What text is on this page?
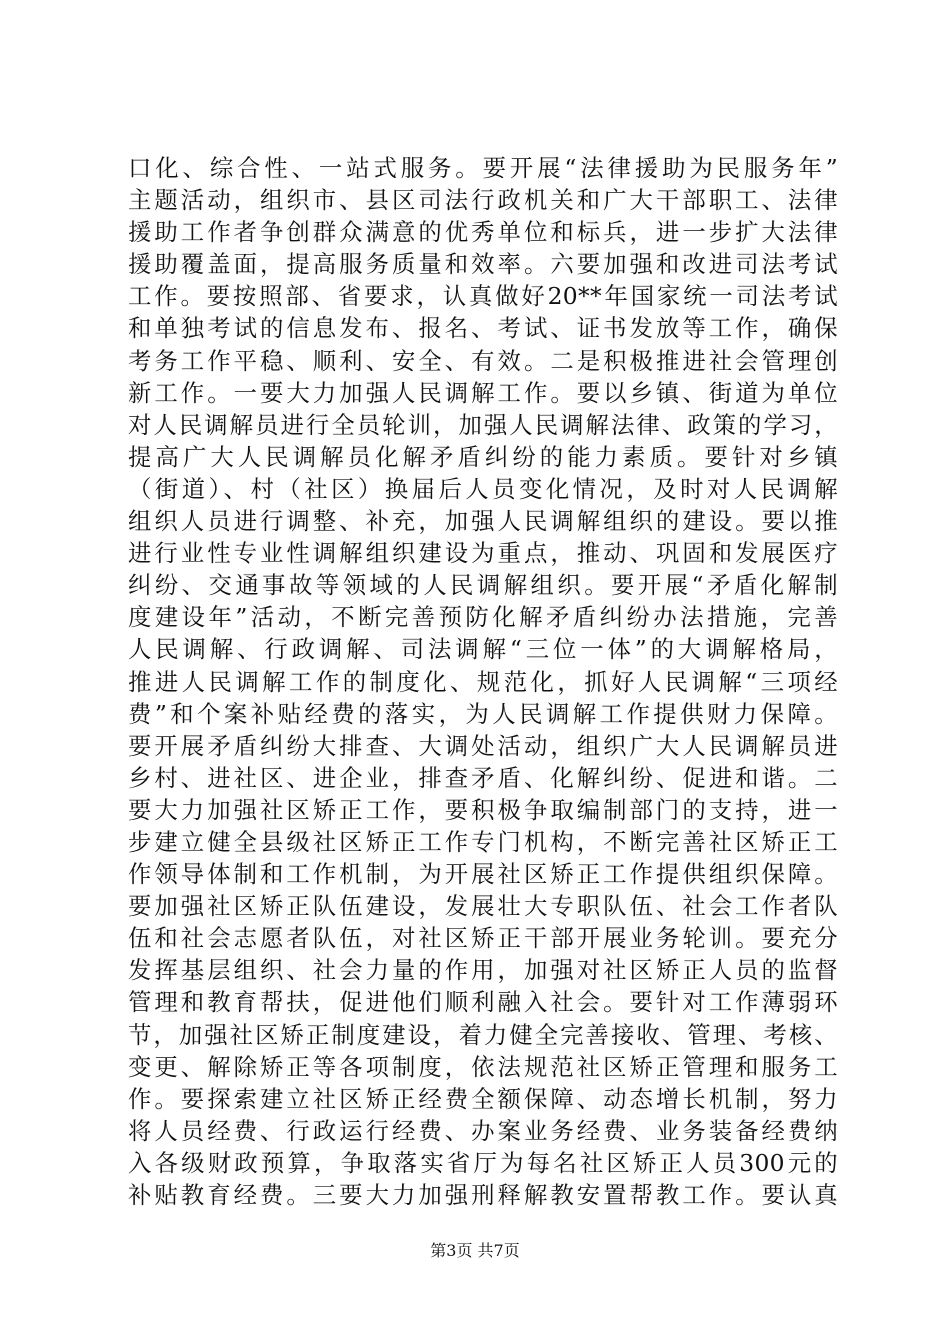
口化、综合性、一站式服务。要开展“法律援助为民服务年”
主题活动，组织市、县区司法行政机关和广大干部职工、法律
援助工作者争创群众满意的优秀单位和标兵，进一步扩大法律
援助覆盖面，提高服务质量和效率。六要加强和改进司法考试
工作。要按照部、省要求，认真做好20**年国家统一司法考试
和单独考试的信息发布、报名、考试、证书发放等工作，确保
考务工作平稳、顺利、安全、有效。二是积极推进社会管理创
新工作。一要大力加强人民调解工作。要以乡镇、街道为单位
对人民调解员进行全员轮训，加强人民调解法律、政策的学习，
提高广大人民调解员化解矛盾纠纷的能力素质。要针对乡镇
（街道）、村（社区）换届后人员变化情况，及时对人民调解
组织人员进行调整、补充，加强人民调解组织的建设。要以推
进行业性专业性调解组织建设为重点，推动、巩固和发展医疗
纠纷、交通事故等领域的人民调解组织。要开展“矛盾化解制
度建设年”活动，不断完善预防化解矛盾纠纷办法措施，完善
人民调解、行政调解、司法调解“三位一体”的大调解格局，
推进人民调解工作的制度化、规范化，抓好人民调解“三项经
费”和个案补贴经费的落实，为人民调解工作提供财力保障。
要开展矛盾纠纷大排查、大调处活动，组织广大人民调解员进
乡村、进社区、进企业，排查矛盾、化解纠纷、促进和谐。二
要大力加强社区矫正工作，要积极争取编制部门的支持，进一
步建立健全县级社区矫正工作专门机构，不断完善社区矫正工
作领导体制和工作机制，为开展社区矫正工作提供组织保障。
要加强社区矫正队伍建设，发展壮大专职队伍、社会工作者队
伍和社会志愿者队伍，对社区矫正干部开展业务轮训。要充分
发挥基层组织、社会力量的作用，加强对社区矫正人员的监督
管理和教育帮扶，促进他们顺利融入社会。要针对工作薄弱环
节，加强社区矫正制度建设，着力健全完善接收、管理、考核、
变更、解除矫正等各项制度，依法规范社区矫正管理和服务工
作。要探索建立社区矫正经费全额保障、动态增长机制，努力
将人员经费、行政运行经费、办案业务经费、业务装备经费纳
入各级财政预算，争取落实省厅为每名社区矫正人员300元的
补贴教育经费。三要大力加强刑释解教安置帮教工作。要认真
第3页 共7页
